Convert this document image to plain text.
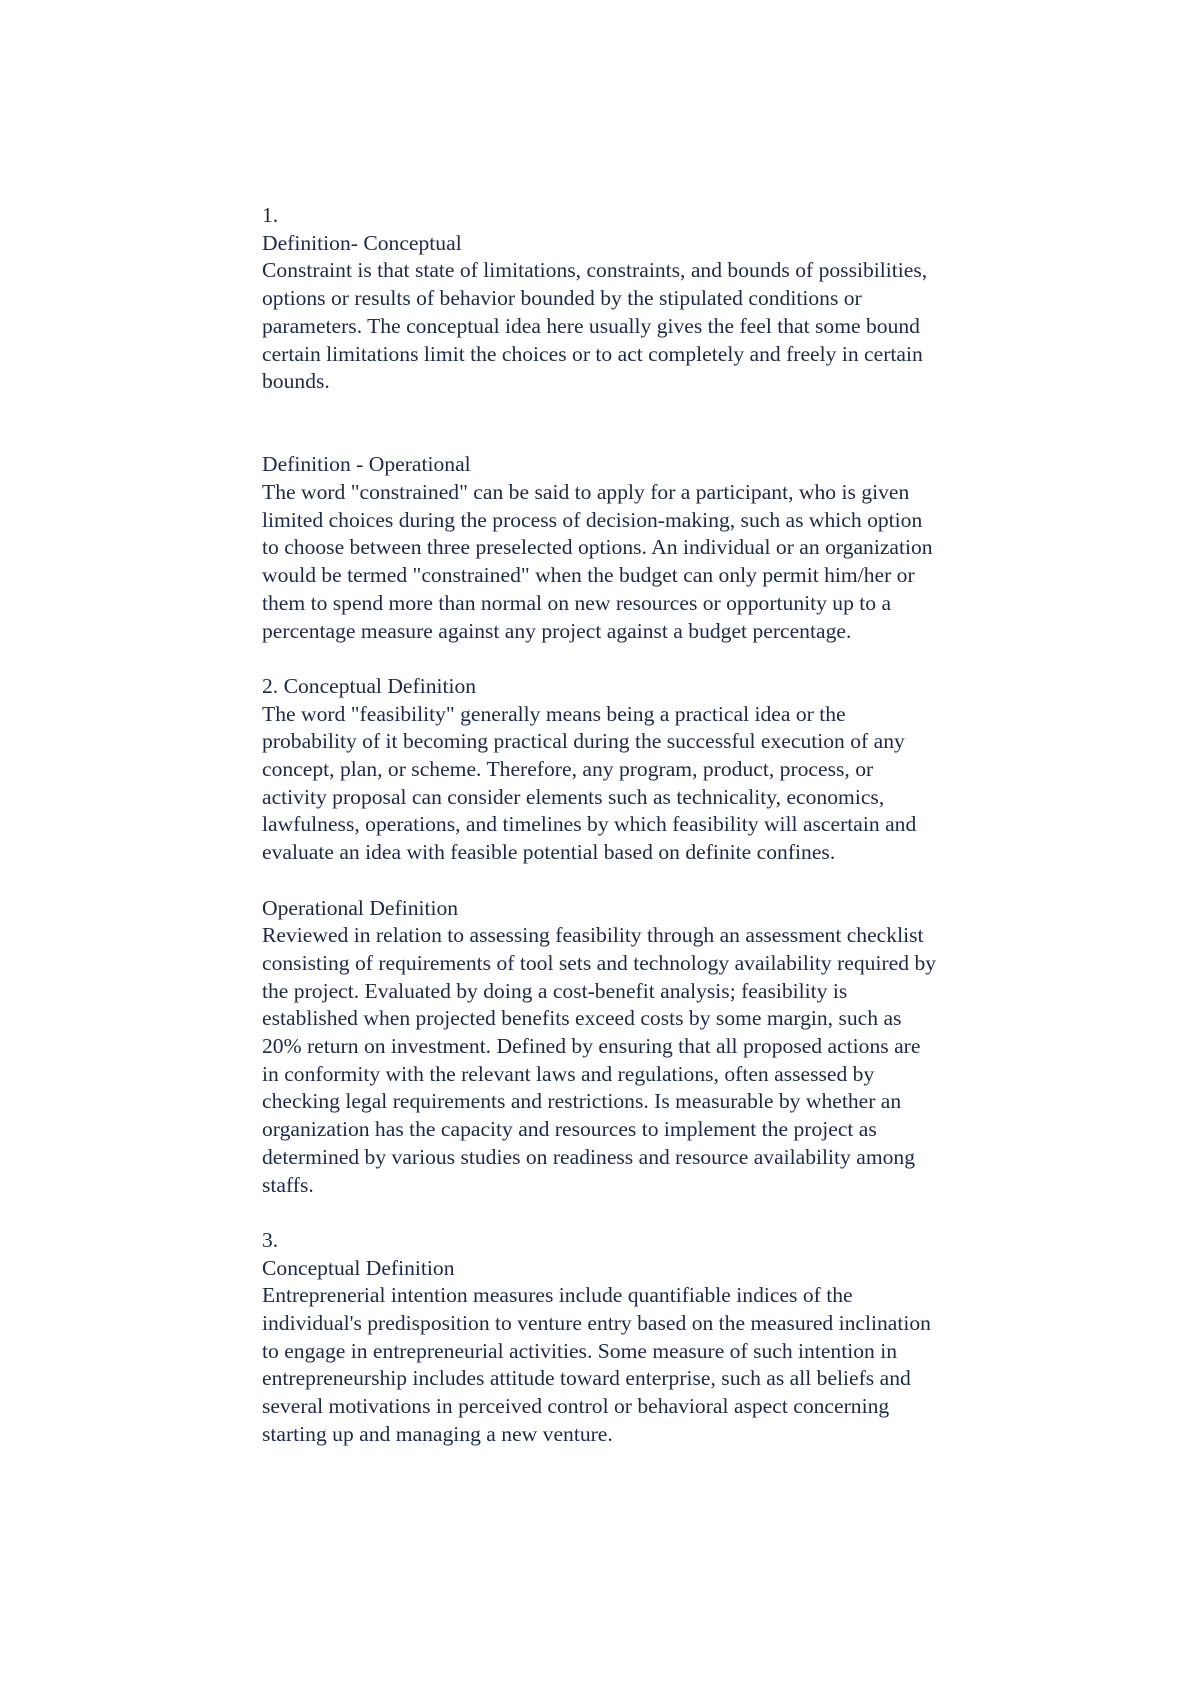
1.
Definition- Conceptual
Constraint is that state of limitations, constraints, and bounds of possibilities,
options or results of behavior bounded by the stipulated conditions or
parameters. The conceptual idea here usually gives the feel that some bound
certain limitations limit the choices or to act completely and freely in certain
bounds.
Definition - Operational
The word "constrained" can be said to apply for a participant, who is given
limited choices during the process of decision-making, such as which option
to choose between three preselected options. An individual or an organization
would be termed "constrained" when the budget can only permit him/her or
them to spend more than normal on new resources or opportunity up to a
percentage measure against any project against a budget percentage.
2. Conceptual Definition
The word "feasibility" generally means being a practical idea or the
probability of it becoming practical during the successful execution of any
concept, plan, or scheme. Therefore, any program, product, process, or
activity proposal can consider elements such as technicality, economics,
lawfulness, operations, and timelines by which feasibility will ascertain and
evaluate an idea with feasible potential based on definite confines.
Operational Definition
Reviewed in relation to assessing feasibility through an assessment checklist
consisting of requirements of tool sets and technology availability required by
the project. Evaluated by doing a cost-benefit analysis; feasibility is
established when projected benefits exceed costs by some margin, such as
20% return on investment. Defined by ensuring that all proposed actions are
in conformity with the relevant laws and regulations, often assessed by
checking legal requirements and restrictions. Is measurable by whether an
organization has the capacity and resources to implement the project as
determined by various studies on readiness and resource availability among
staffs.
3.
Conceptual Definition
Entreprenerial intention measures include quantifiable indices of the
individual's predisposition to venture entry based on the measured inclination
to engage in entrepreneurial activities. Some measure of such intention in
entrepreneurship includes attitude toward enterprise, such as all beliefs and
several motivations in perceived control or behavioral aspect concerning
starting up and managing a new venture.
